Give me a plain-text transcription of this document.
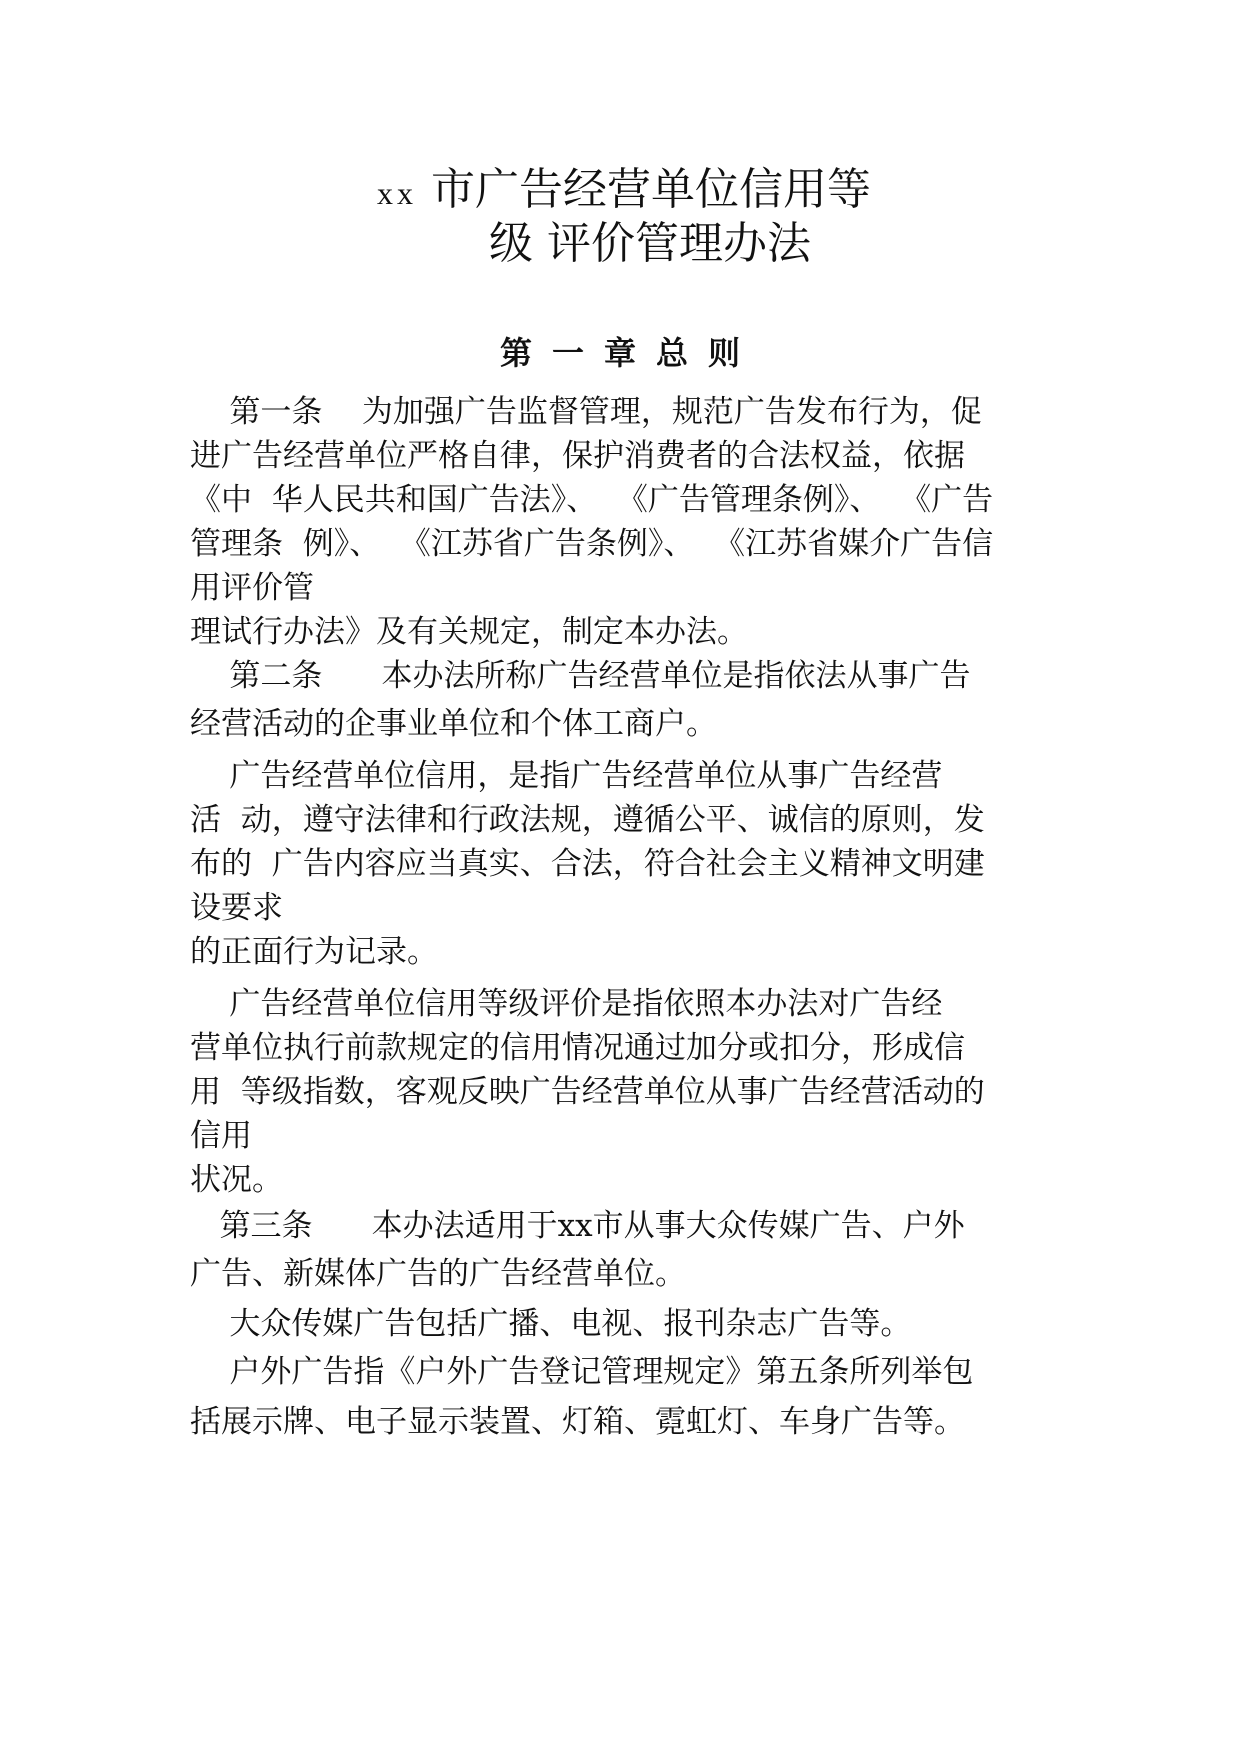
xx 市广告经营单位信用等
级 评价管理办法
第一章总则
第一条    为加强广告监督管理，规范广告发布行为，促
进广告经营单位严格自律，保护消费者的合法权益，依据
《中  华人民共和国广告法》、  《广告管理条例》、  《广告
管理条  例》、  《江苏省广告条例》、  《江苏省媒介广告信
用评价管
理试行办法》及有关规定，制定本办法。
第二条      本办法所称广告经营单位是指依法从事广告
经营活动的企事业单位和个体工商户。
广告经营单位信用，是指广告经营单位从事广告经营
活  动，遵守法律和行政法规，遵循公平、诚信的原则，发
布的  广告内容应当真实、合法，符合社会主义精神文明建
设要求
的正面行为记录。
广告经营单位信用等级评价是指依照本办法对广告经
营单位执行前款规定的信用情况通过加分或扣分，形成信
用  等级指数，客观反映广告经营单位从事广告经营活动的
信用
状况。
第三条      本办法适用于xx市从事大众传媒广告、户外
广告、新媒体广告的广告经营单位。
大众传媒广告包括广播、电视、报刊杂志广告等。
户外广告指《户外广告登记管理规定》第五条所列举包
括展示牌、电子显示装置、灯箱、霓虹灯、车身广告等。
